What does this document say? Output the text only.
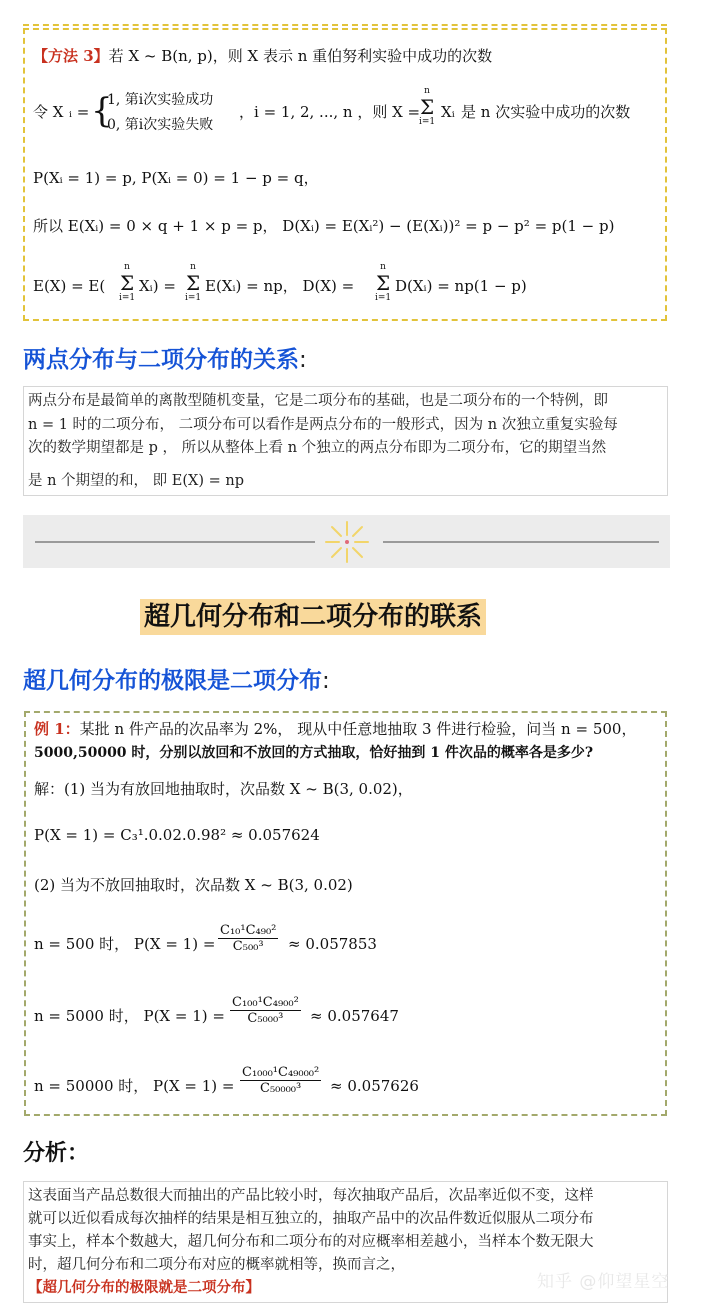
【方法 3】若 X ~ B(n, p)，则 X 表示 n 重伯努利实验中成功的次数
令 X ᵢ = {
1, 第i次实验成功
0, 第i次实验失败
，i = 1, 2, ..., n ，则 X =
n
Σ
i=1
Xᵢ 是 n 次实验中成功的次数
P(Xᵢ = 1) = p, P(Xᵢ = 0) = 1 − p = q，
所以 E(Xᵢ) = 0 × q + 1 × p = p， D(Xᵢ) = E(Xᵢ²) − (E(Xᵢ))² = p − p² = p(1 − p)
E(X) = E(
n
Σ
i=1
Xᵢ) =
n
Σ
i=1
E(Xᵢ) = np， D(X) =
n
Σ
i=1
D(Xᵢ) = np(1 − p)
两点分布与二项分布的关系:

两点分布是最简单的离散型随机变量，它是二项分布的基础，也是二项分布的一个特例，即

n = 1 时的二项分布， 二项分布可以看作是两点分布的一般形式，因为 n 次独立重复实验每

次的数学期望都是 p ， 所以从整体上看 n 个独立的两点分布即为二项分布，它的期望当然

是 n 个期望的和， 即 E(X) = np

超几何分布和二项分布的联系
超几何分布的极限是二项分布:
例 1：某批 n 件产品的次品率为 2%， 现从中任意地抽取 3 件进行检验，问当 n = 500，
5000,50000 时，分别以放回和不放回的方式抽取，恰好抽到 1 件次品的概率各是多少?
解：(1) 当为有放回地抽取时，次品数 X ~ B(3, 0.02)，
P(X = 1) = C₃¹.0.02.0.98² ≈ 0.057624
(2) 当为不放回抽取时，次品数 X ~ B(3, 0.02)
n = 500 时， $P(X = 1) = \frac{\text{C₁₀¹C₄₉₀²}}{\text{C₅₀₀³}} \approx 0.057853$
n = 5000 时， $P(X = 1) = \frac{\text{C₁₀₀¹C₄₉₀₀²}}{\text{C₅₀₀₀³}} \approx 0.057647$
n = 50000 时， $P(X = 1) = \frac{\text{C₁₀₀₀¹C₄₉₀₀₀²}}{\text{C₅₀₀₀₀³}} \approx 0.057626$
分析：

这表面当产品总数很大而抽出的产品比较小时，每次抽取产品后，次品率近似不变，这样

就可以近似看成每次抽样的结果是相互独立的，抽取产品中的次品件数近似服从二项分布

事实上，样本个数越大，超几何分布和二项分布的对应概率相差越小，当样本个数无限大

时，超几何分布和二项分布对应的概率就相等，换而言之，

【超几何分布的极限就是二项分布】	知乎 @仰望星空
